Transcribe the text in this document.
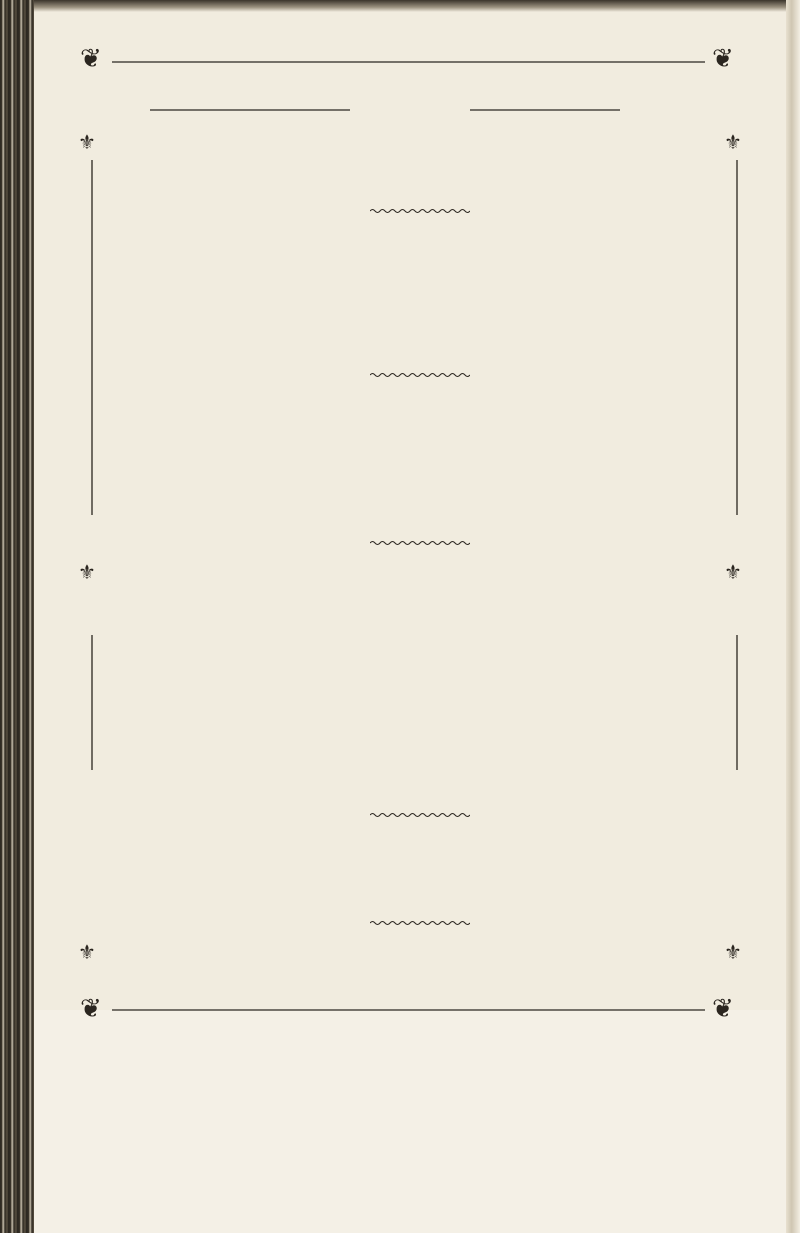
❦	❦
❦	❦
⚜	⚜
⚜	⚜
⚜	⚜
